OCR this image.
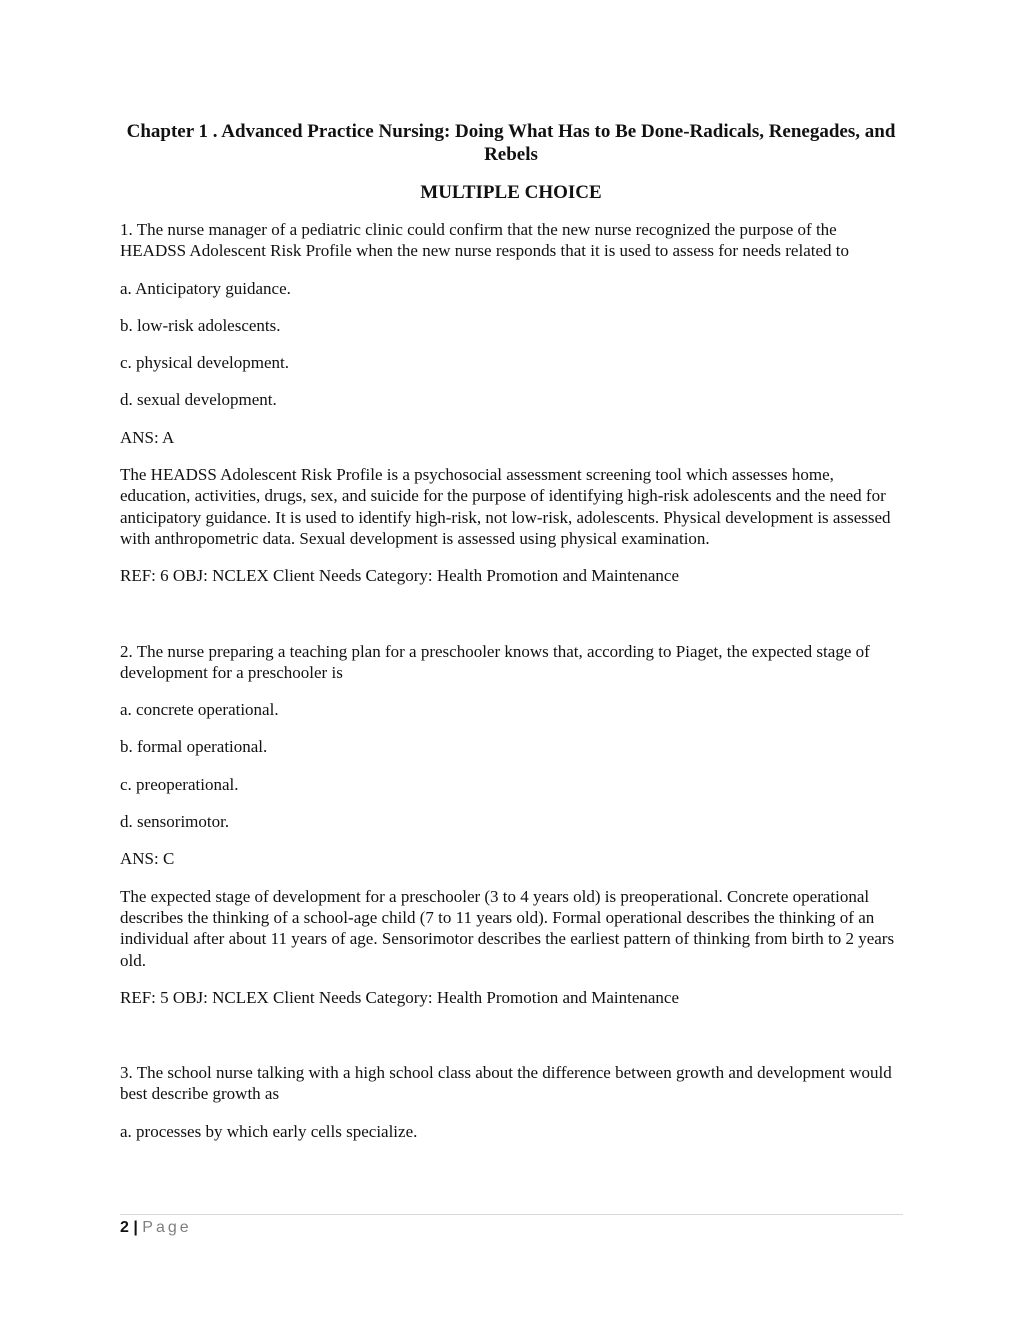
Chapter 1 . Advanced Practice Nursing: Doing What Has to Be Done-Radicals, Renegades, and Rebels
MULTIPLE CHOICE

1. The nurse manager of a pediatric clinic could confirm that the new nurse recognized the purpose of the HEADSS Adolescent Risk Profile when the new nurse responds that it is used to assess for needs related to

a. Anticipatory guidance.

b. low-risk adolescents.

c. physical development.

d. sexual development.

ANS: A

The HEADSS Adolescent Risk Profile is a psychosocial assessment screening tool which assesses home, education, activities, drugs, sex, and suicide for the purpose of identifying high-risk adolescents and the need for anticipatory guidance. It is used to identify high-risk, not low-risk, adolescents. Physical development is assessed with anthropometric data. Sexual development is assessed using physical examination.

REF: 6 OBJ: NCLEX Client Needs Category: Health Promotion and Maintenance

2. The nurse preparing a teaching plan for a preschooler knows that, according to Piaget, the expected stage of development for a preschooler is

a. concrete operational.

b. formal operational.

c. preoperational.

d. sensorimotor.

ANS: C

The expected stage of development for a preschooler (3 to 4 years old) is preoperational. Concrete operational describes the thinking of a school-age child (7 to 11 years old). Formal operational describes the thinking of an individual after about 11 years of age. Sensorimotor describes the earliest pattern of thinking from birth to 2 years old.

REF: 5 OBJ: NCLEX Client Needs Category: Health Promotion and Maintenance

3. The school nurse talking with a high school class about the difference between growth and development would best describe growth as

a. processes by which early cells specialize.

2 | Page
